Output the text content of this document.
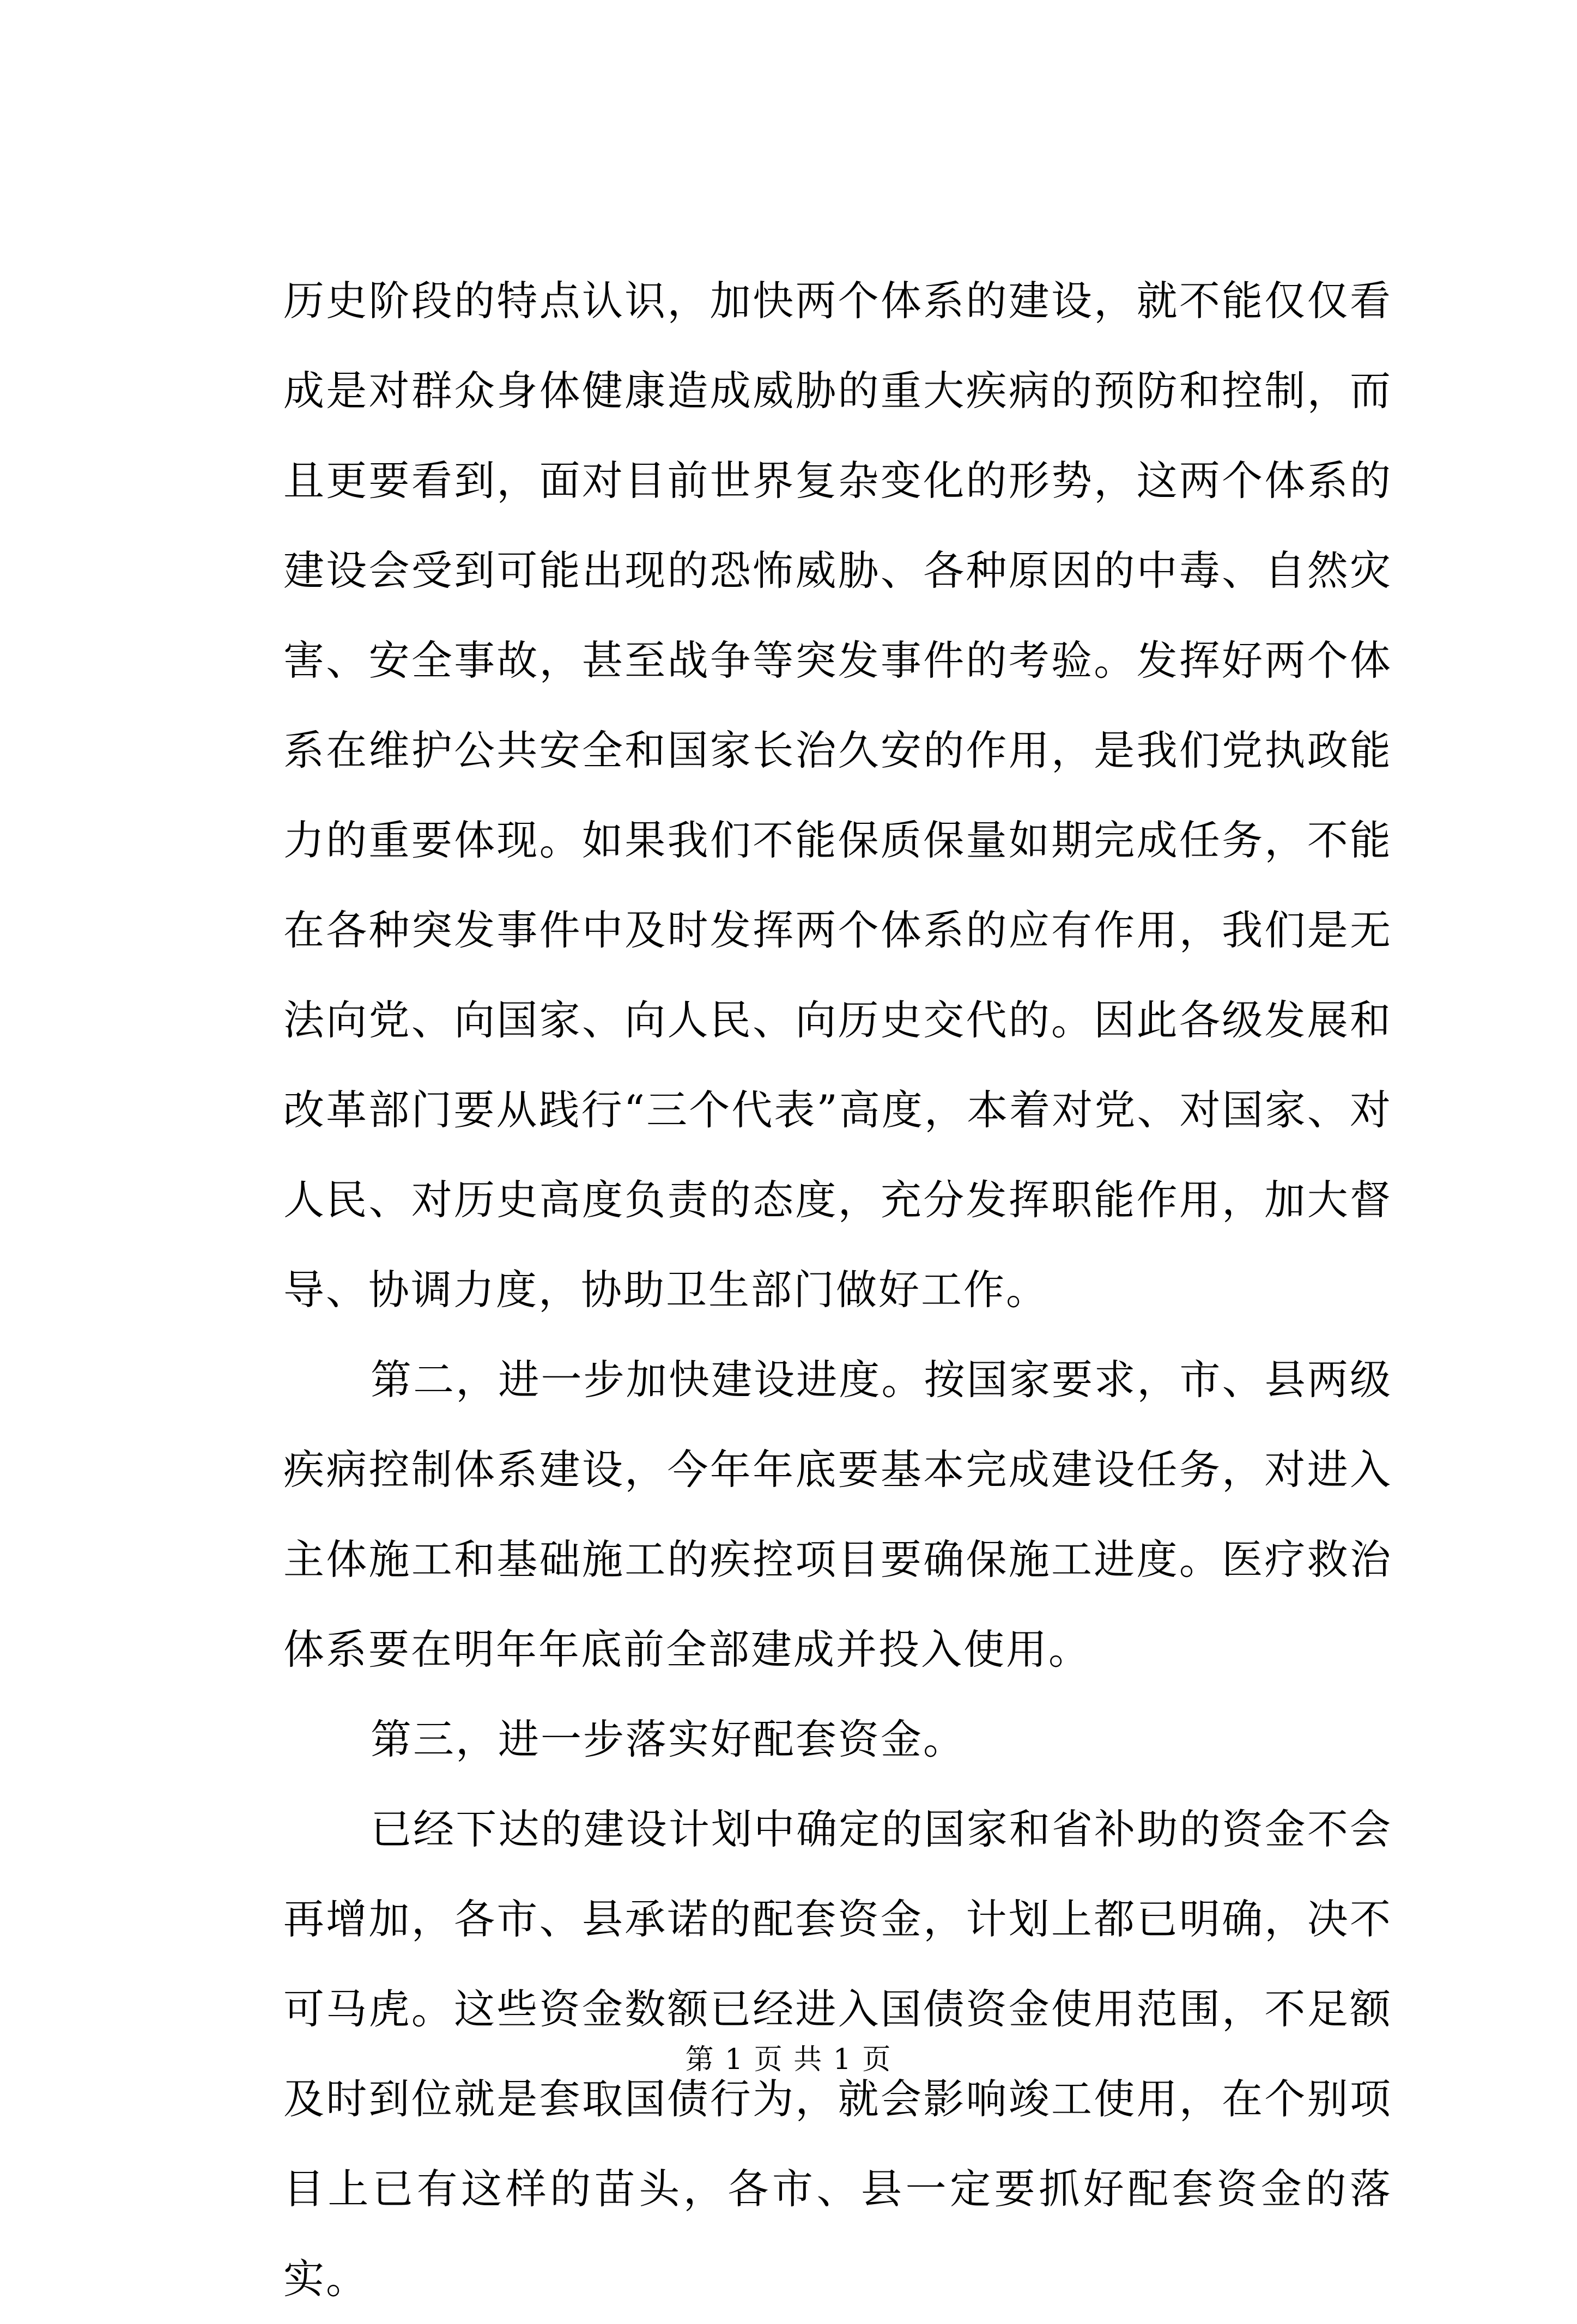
历史阶段的特点认识，加快两个体系的建设，就不能仅仅看成是对群众身体健康造成威胁的重大疾病的预防和控制，而且更要看到，面对目前世界复杂变化的形势，这两个体系的建设会受到可能出现的恐怖威胁、各种原因的中毒、自然灾害、安全事故，甚至战争等突发事件的考验。发挥好两个体系在维护公共安全和国家长治久安的作用，是我们党执政能力的重要体现。如果我们不能保质保量如期完成任务，不能在各种突发事件中及时发挥两个体系的应有作用，我们是无法向党、向国家、向人民、向历史交代的。因此各级发展和改革部门要从践行“三个代表”高度，本着对党、对国家、对人民、对历史高度负责的态度，充分发挥职能作用，加大督导、协调力度，协助卫生部门做好工作。

第二，进一步加快建设进度。按国家要求，市、县两级疾病控制体系建设，今年年底要基本完成建设任务，对进入主体施工和基础施工的疾控项目要确保施工进度。医疗救治体系要在明年年底前全部建成并投入使用。

第三，进一步落实好配套资金。

已经下达的建设计划中确定的国家和省补助的资金不会再增加，各市、县承诺的配套资金，计划上都已明确，决不可马虎。这些资金数额已经进入国债资金使用范围，不足额及时到位就是套取国债行为，就会影响竣工使用，在个别项目上已有这样的苗头，各市、县一定要抓好配套资金的落实。

第 1 页 共 1 页
